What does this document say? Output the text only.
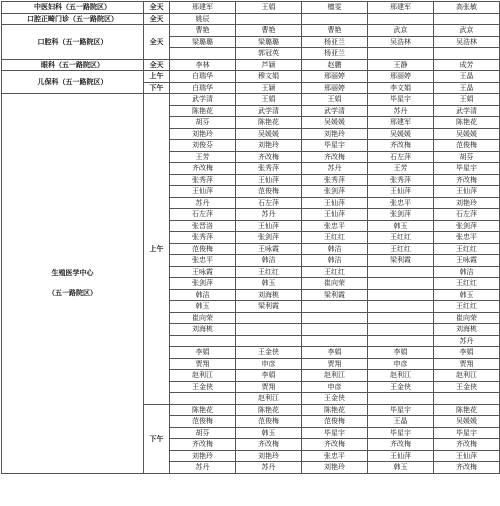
中医妇科（五一路院区）	全天	邢建军	王娟	檀雯	邢建军	高张敏
口腔正畸门诊（五一路院区）	全天	姚辰				
口腔科（五一路院区）	全天	曹艳	曹艳	曹艳	武京	武京
		梁璐璐	梁璐璐	杨亚兰	吴浩林	吴浩林
			郭冠英	杨亚兰		
眼科（五一路院区）	全天	李林	芦颖	赵鹏	王静	成芳
儿保科（五一路院区）	上午	白瑞华	穆文娟	邢丽婷	邢丽婷	王晶
	下午	白瑞华	王颖	邢丽婷	李文娟	王晶
生殖医学中心

（五一路院区）	上午	武学清	王娟	王娟	毕星宇	王娟
		陈艳花	武学清	武学清	苏丹	武学清
		胡芬	陈艳花	吴媛媛	邢建军	陈艳花
		刘艳玲	吴媛媛	刘艳玲	吴媛媛	吴媛媛
		刘俊芬	刘艳玲	毕星宇	齐改梅	范俊梅
		王芳	齐改梅	齐改梅	石左萍	胡芬
		齐改梅	张秀萍	苏丹	王芳	毕星宇
		张秀萍	王仙萍	张秀萍	张秀萍	齐改梅
		王仙萍	范俊梅	张剑萍	王仙萍	王仙萍
		苏丹	石左萍	王仙萍	张忠平	刘艳玲
		石左萍	苏丹	王仙萍	张剑萍	石左萍
		张晋洛	王仙萍	张忠平	韩玉	张剑萍
		张秀萍	张剑萍	王红红	王红红	张忠平
		范俊梅	王咏霞	韩洁	王红红	王红红
		张忠平	韩洁	韩洁	梁利霞	王咏霞
		王咏霞	王红红	王红红		韩洁
		张剑萍	韩玉	崔向荣		王红红
		韩洁	刘海桃	梁利霞		韩玉
		韩玉	梁利霞			王红红
		崔向荣				崔向荣
		刘海桃				刘海桃
						苏丹
		李娟	王金侠	李娟	李娟	李娟
		贾翔	申彦	贾翔	申彦	贾翔
		赵利江	李娟	赵利江	赵利江	赵利江
		王金侠	贾翔	申彦	王金侠	王金侠
			赵利江	王金侠		
	下午	陈艳花	陈艳花	陈艳花	毕星宇	陈艳花
		范俊梅	范俊梅	范俊梅	王晶	吴媛媛
		胡芬	韩玉	毕星宇	毕星宇	毕星宇
		齐改梅	齐改梅	齐改梅	齐改梅	齐改梅
		刘艳玲	刘艳玲	张忠平	王仙萍	王仙萍
		苏丹	苏丹	刘艳玲	韩玉	齐改梅
